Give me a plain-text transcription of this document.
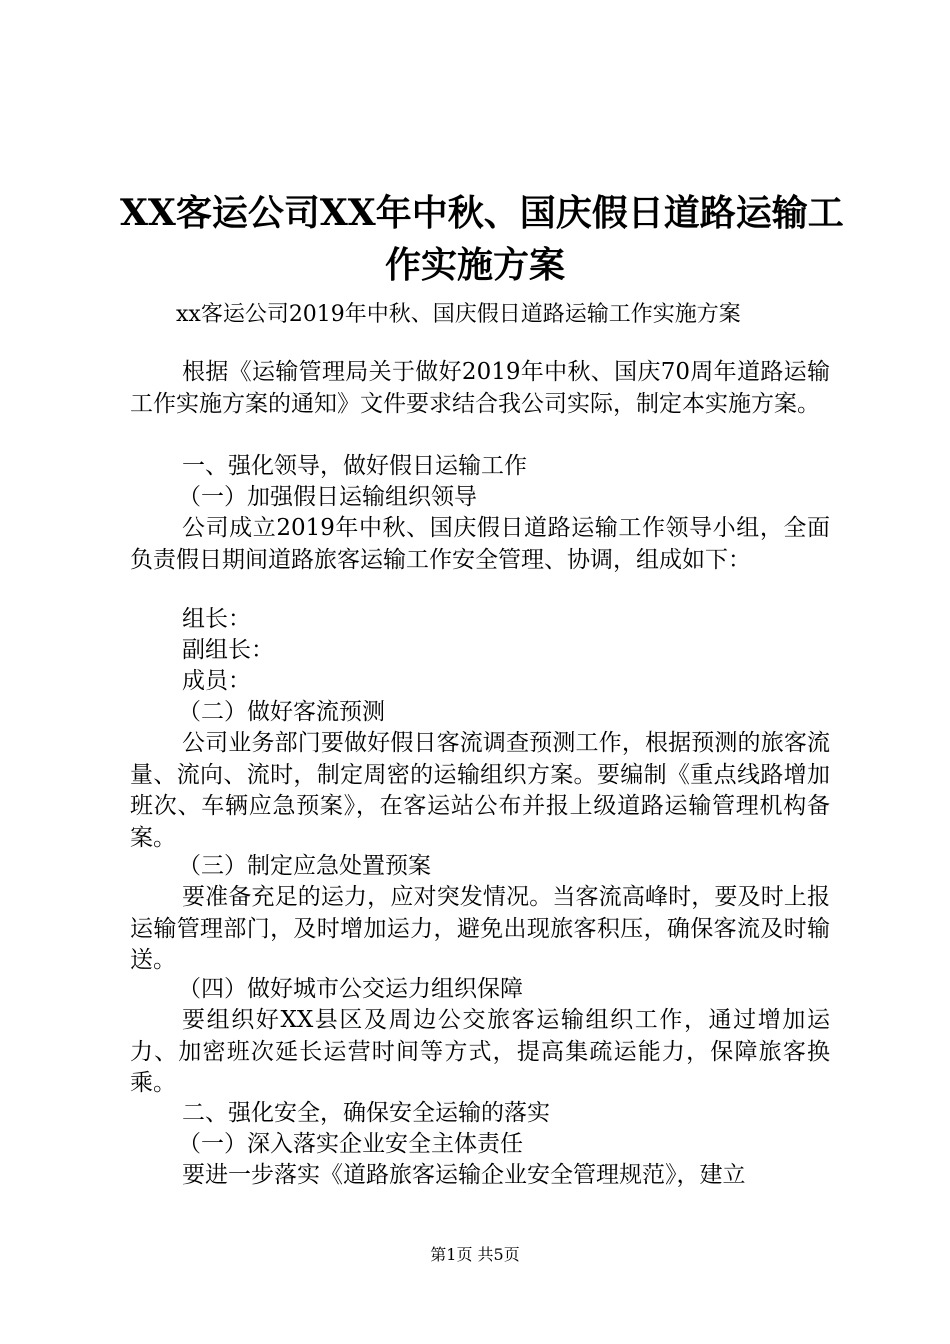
XX客运公司XX年中秋、国庆假日道路运输工
作实施方案

xx客运公司2019年中秋、国庆假日道路运输工作实施方案

根据《运输管理局关于做好2019年中秋、国庆70周年道路运输工作实施方案的通知》文件要求结合我公司实际，制定本实施方案。

一、强化领导，做好假日运输工作

（一）加强假日运输组织领导

公司成立2019年中秋、国庆假日道路运输工作领导小组，全面负责假日期间道路旅客运输工作安全管理、协调，组成如下：

组长：

副组长：

成员：

（二）做好客流预测

公司业务部门要做好假日客流调查预测工作，根据预测的旅客流量、流向、流时，制定周密的运输组织方案。要编制《重点线路增加班次、车辆应急预案》，在客运站公布并报上级道路运输管理机构备案。

（三）制定应急处置预案

要准备充足的运力，应对突发情况。当客流高峰时，要及时上报运输管理部门，及时增加运力，避免出现旅客积压，确保客流及时输送。

（四）做好城市公交运力组织保障

要组织好XX县区及周边公交旅客运输组织工作，通过增加运力、加密班次延长运营时间等方式，提高集疏运能力，保障旅客换乘。

二、强化安全，确保安全运输的落实

（一）深入落实企业安全主体责任

要进一步落实《道路旅客运输企业安全管理规范》，建立

第1页 共5页
